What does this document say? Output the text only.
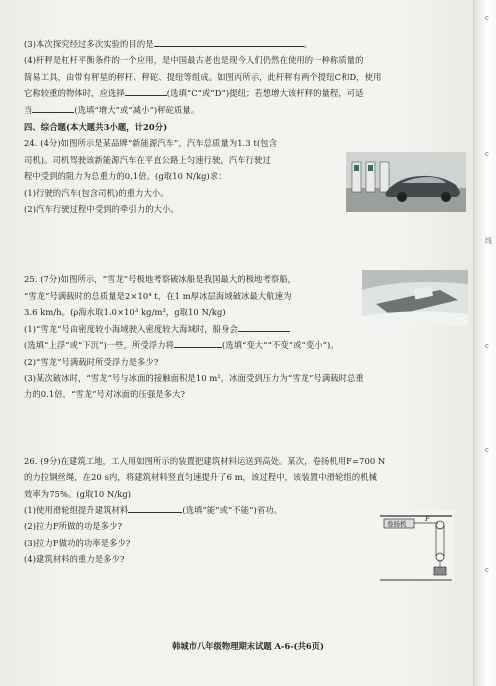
c
c
线
c
c
c

(3)本次探究经过多次实验的目的是	。

(4)杆秤是杠杆平衡条件的一个应用，是中国最古老也是现今人们仍然在使用的一种称质量的

简易工具，由带有秤星的秤杆、秤砣、提纽等组成。如图丙所示，此杆秤有两个提纽C和D，使用

它称较重的物体时，应选择	(选填“C”或“D”)提纽；若想增大该杆秤的量程，可适

当	(选填“增大”或“减小”)秤砣质量。

四、综合题(本大题共3小题，计20分)

24. (4分)如图所示是某品牌“新能源汽车”，汽车总质量为1.3 t(包含

司机)。司机驾驶该新能源汽车在平直公路上匀速行驶，汽车行驶过

程中受到的阻力为总重力的0.1倍。(g取10 N/kg)求：

(1)行驶的汽车(包含司机)的重力大小。

(2)汽车行驶过程中受到的牵引力的大小。

25. (7分)如图所示，“雪龙”号极地考察破冰船是我国最大的极地考察船，

“雪龙”号满载时的总质量是2×10⁴ t，在1 m厚冰层海域破冰最大航速为

3.6 km/h。(ρ海水取1.0×10³ kg/m³，g取10 N/kg)

(1)“雪龙”号由密度较小海域驶入密度较大海域时，船身会

(选填“上浮”或“下沉”)一些，所受浮力将	(选填“变大”“不变”或“变小”)。

(2)“雪龙”号满载时所受浮力是多少?

(3)某次破冰时，“雪龙”号与冰面的接触面积是10 m²，冰面受到压力为“雪龙”号满载时总重

力的0.1倍，“雪龙”号对冰面的压强是多大?

26. (9分)在建筑工地，工人用如图所示的装置把建筑材料运送到高处。某次，卷扬机用F=700 N

的力拉钢丝绳，在20 s内，将建筑材料竖直匀速提升了6 m，该过程中，该装置中滑轮组的机械

效率为75%。(g取10 N/kg)

(1)使用滑轮组提升建筑材料	(选填“能”或“不能”)省功。

(2)拉力F所做的功是多少?

(3)拉力F做功的功率是多少?

(4)建筑材料的重力是多少?

卷扬机
F
韩城市八年级物理期末试题 A-6-(共6页)
